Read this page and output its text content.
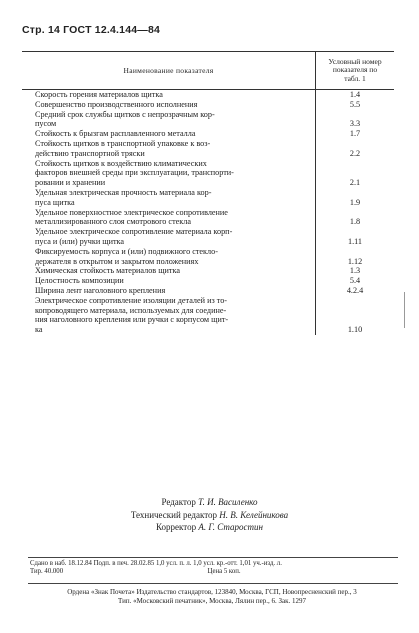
Стр. 14 ГОСТ 12.4.144—84
Наименование показателя
Условный номер
показателя по
табл. 1
Скорость горения материалов щитка	1.4
Совершенство производственного исполнения	5.5
Средний срок службы щитков с непрозрачным кор-
пусом	3.3
Стойкость к брызгам расплавленного металла	1.7
Стойкость щитков в транспортной упаковке к воз-
действию транспортной тряски	2.2
Стойкость щитков к воздействию климатических
факторов внешней среды при эксплуатации, транспорти-
ровании и хранении	2.1
Удельная электрическая прочность материала кор-
пуса щитка	1.9
Удельное поверхностное электрическое сопротивление
металлизированного слоя смотрового стекла	1.8
Удельное электрическое сопротивление материала корп-
пуса и (или) ручки щитка	1.11
Фиксируемость корпуса и (или) подвижного стекло-
держателя в открытом и закрытом положениях	1.12
Химическая стойкость материалов щитка	1.3
Целостность композиции	5.4
Ширина лент наголовного крепления	4.2.4
Электрическое сопротивление изоляции деталей из то-
копроводящего материала, используемых для соедине-
ния наголовного крепления или ручки с корпусом щит-
ка	1.10
Редактор Т. И. Василенко
Технический редактор Н. В. Келейникова
Корректор А. Г. Старостин
Сдано в наб. 18.12.84 Подп. в печ. 28.02.85 1,0 усл. п. л. 1,0 усл. кр.-отт. 1,01 уч.-изд. л.
Тир. 40.000                                                                                     Цена 5 коп.
Ордена «Знак Почета» Издательство стандартов, 123840, Москва, ГСП, Новопресненский пер., 3
Тип. «Московский печатник», Москва, Лялин пер., 6. Зак. 1297
